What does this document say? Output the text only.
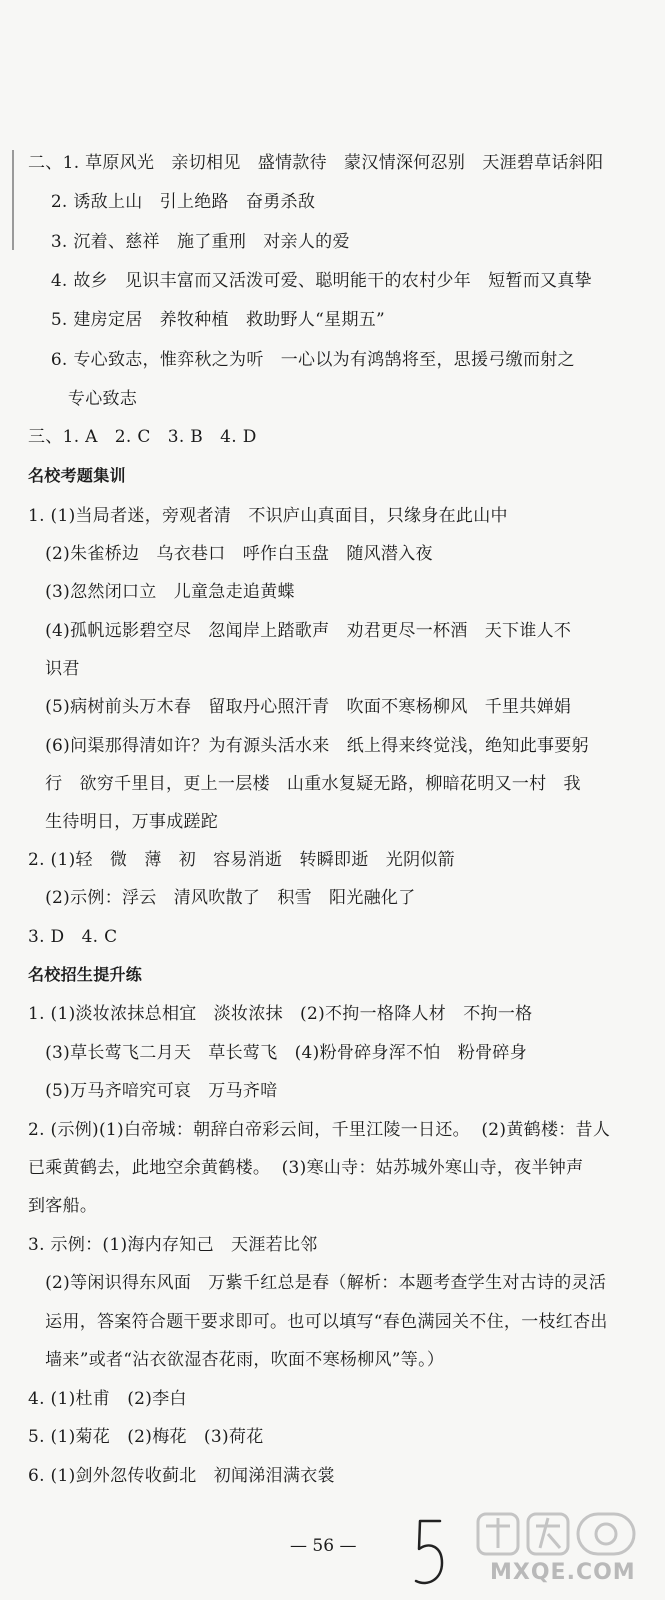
二、1. 草原风光   亲切相见   盛情款待   蒙汉情深何忍别   天涯碧草话斜阳
2. 诱敌上山   引上绝路   奋勇杀敌
3. 沉着、慈祥   施了重刑   对亲人的爱
4. 故乡   见识丰富而又活泼可爱、聪明能干的农村少年   短暂而又真挚
5. 建房定居   养牧种植   救助野人“星期五”
6. 专心致志，惟弈秋之为听   一心以为有鸿鹄将至，思援弓缴而射之
专心致志
三、1. A   2. C   3. B   4. D
名校考题集训
1. (1)当局者迷，旁观者清   不识庐山真面目，只缘身在此山中
(2)朱雀桥边   乌衣巷口   呼作白玉盘   随风潜入夜
(3)忽然闭口立   儿童急走追黄蝶
(4)孤帆远影碧空尽   忽闻岸上踏歌声   劝君更尽一杯酒   天下谁人不
识君
(5)病树前头万木春   留取丹心照汗青   吹面不寒杨柳风   千里共婵娟
(6)问渠那得清如许？为有源头活水来   纸上得来终觉浅，绝知此事要躬
行   欲穷千里目，更上一层楼   山重水复疑无路，柳暗花明又一村   我
生待明日，万事成蹉跎
2. (1)轻   微   薄   初   容易消逝   转瞬即逝   光阴似箭
(2)示例：浮云   清风吹散了   积雪   阳光融化了
3. D   4. C
名校招生提升练
1. (1)淡妆浓抹总相宜   淡妆浓抹   (2)不拘一格降人材   不拘一格
(3)草长莺飞二月天   草长莺飞   (4)粉骨碎身浑不怕   粉骨碎身
(5)万马齐喑究可哀   万马齐喑
2. (示例)(1)白帝城：朝辞白帝彩云间，千里江陵一日还。  (2)黄鹤楼：昔人
已乘黄鹤去，此地空余黄鹤楼。  (3)寒山寺：姑苏城外寒山寺，夜半钟声
到客船。
3. 示例：(1)海内存知己   天涯若比邻
(2)等闲识得东风面   万紫千红总是春（解析：本题考查学生对古诗的灵活
运用，答案符合题干要求即可。也可以填写“春色满园关不住，一枝红杏出
墙来”或者“沾衣欲湿杏花雨，吹面不寒杨柳风”等。）
4. (1)杜甫   (2)李白
5. (1)菊花   (2)梅花   (3)荷花
6. (1)剑外忽传收蓟北   初闻涕泪满衣裳
— 56 —
MXQE.COM
